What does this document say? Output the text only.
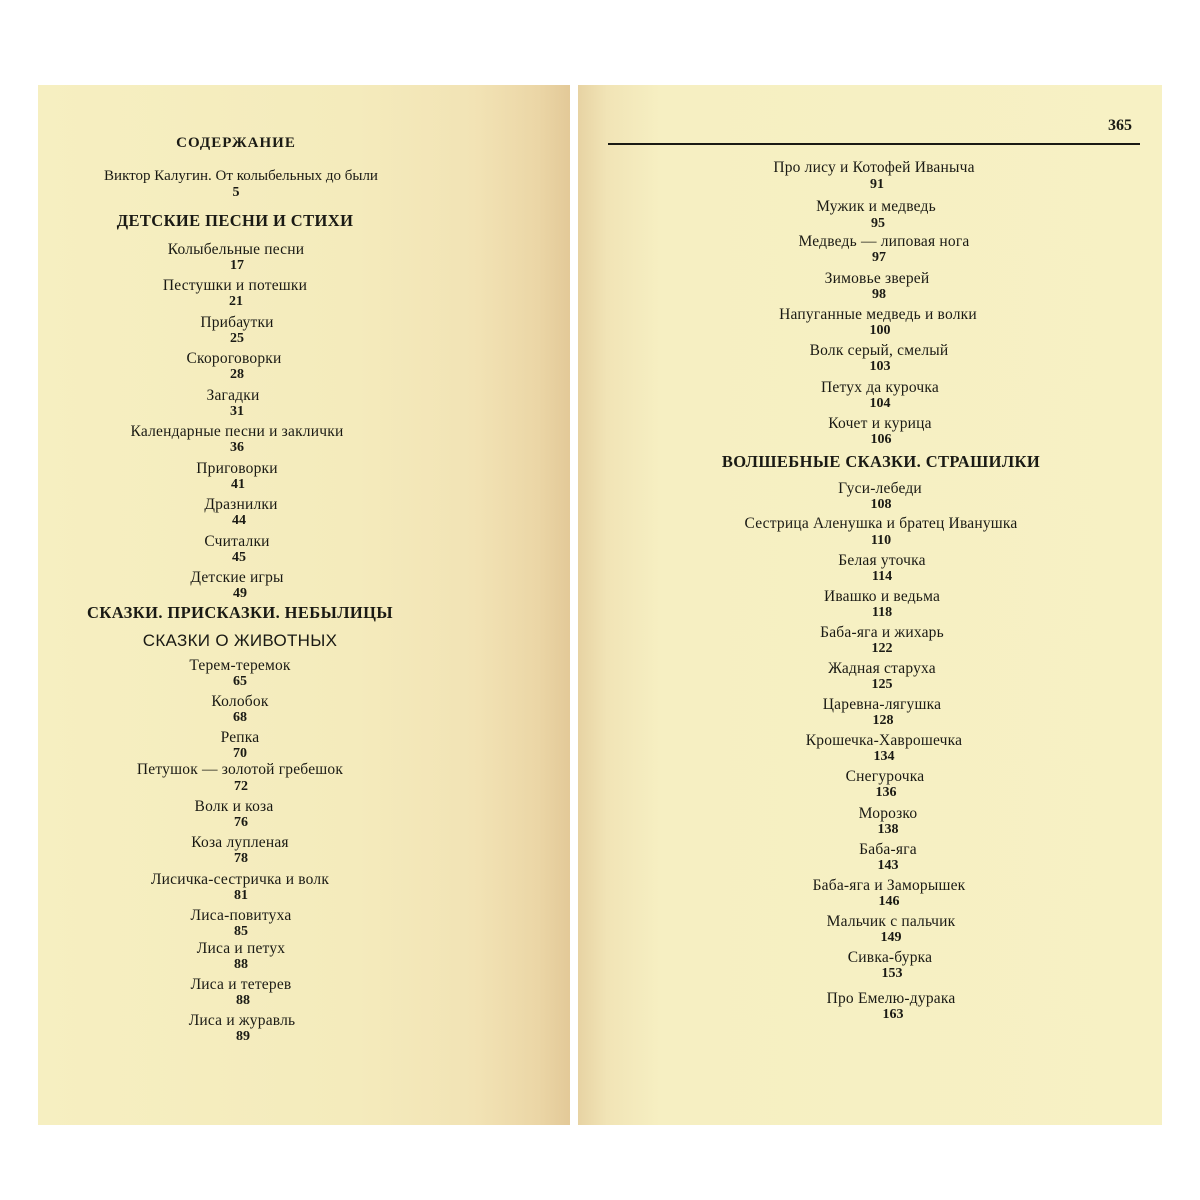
365
СОДЕРЖАНИЕ
Виктор Калугин. От колыбельных до были
5
ДЕТСКИЕ ПЕСНИ И СТИХИ
Колыбельные песни
17
Пестушки и потешки
21
Прибаутки
25
Скороговорки
28
Загадки
31
Календарные песни и заклички
36
Приговорки
41
Дразнилки
44
Считалки
45
Детские игры
49
СКАЗКИ. ПРИСКАЗКИ. НЕБЫЛИЦЫ
СКАЗКИ О ЖИВОТНЫХ
Терем-теремок
65
Колобок
68
Репка
70
Петушок — золотой гребешок
72
Волк и коза
76
Коза лупленая
78
Лисичка-сестричка и волк
81
Лиса-повитуха
85
Лиса и петух
88
Лиса и тетерев
88
Лиса и журавль
89
Про лису и Котофей Иваныча
91
Мужик и медведь
95
Медведь — липовая нога
97
Зимовье зверей
98
Напуганные медведь и волки
100
Волк серый, смелый
103
Петух да курочка
104
Кочет и курица
106
ВОЛШЕБНЫЕ СКАЗКИ. СТРАШИЛКИ
Гуси-лебеди
108
Сестрица Аленушка и братец Иванушка
110
Белая уточка
114
Ивашко и ведьма
118
Баба-яга и жихарь
122
Жадная старуха
125
Царевна-лягушка
128
Крошечка-Хаврошечка
134
Снегурочка
136
Морозко
138
Баба-яга
143
Баба-яга и Заморышек
146
Мальчик с пальчик
149
Сивка-бурка
153
Про Емелю-дурака
163
